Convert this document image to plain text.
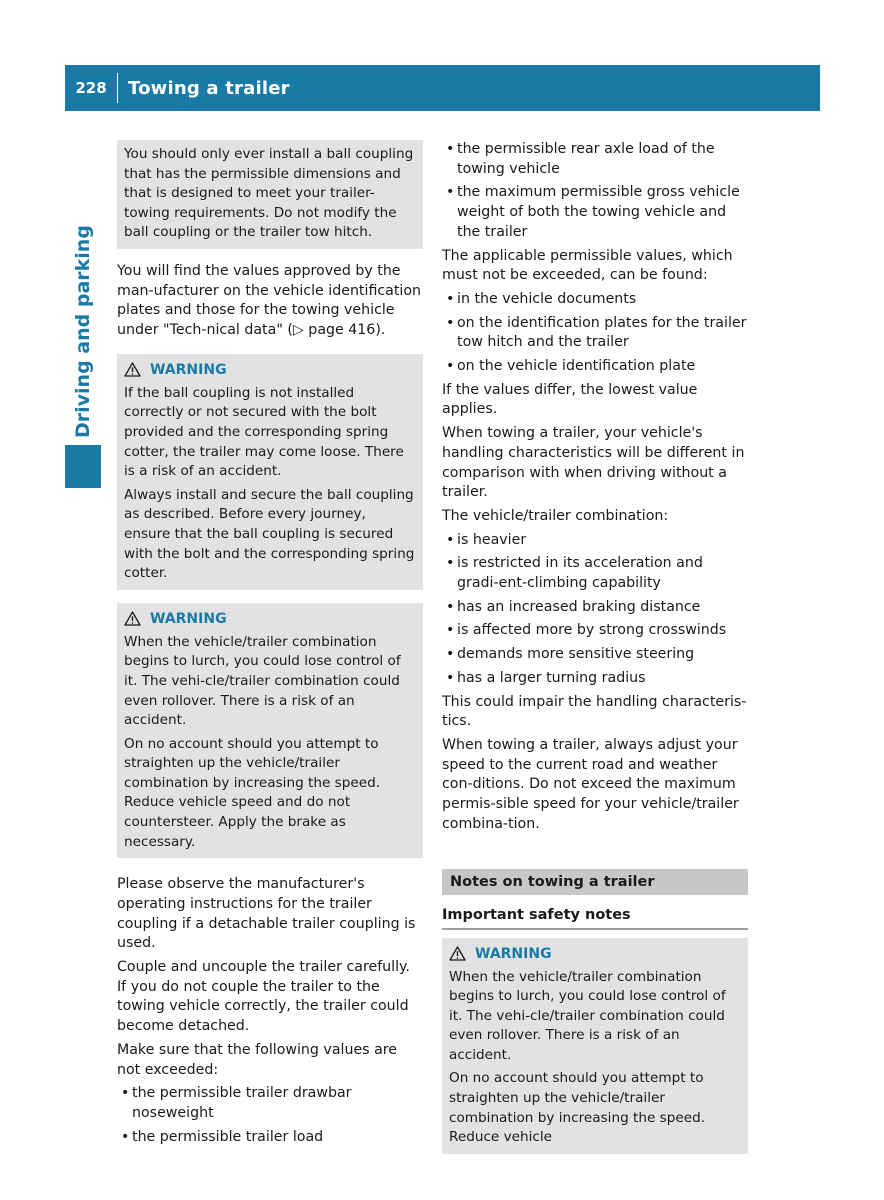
228	Towing a trailer
Driving and parking

You should only ever install a ball coupling that has the permissible dimensions and that is designed to meet your trailer-towing requirements. Do not modify the ball coupling or the trailer tow hitch.

You will find the values approved by the man-ufacturer on the vehicle identification plates and those for the towing vehicle under "Tech-nical data" (▷ page 416).

WARNING

If the ball coupling is not installed correctly or not secured with the bolt provided and the corresponding spring cotter, the trailer may come loose. There is a risk of an accident.

Always install and secure the ball coupling as described. Before every journey, ensure that the ball coupling is secured with the bolt and the corresponding spring cotter.

WARNING

When the vehicle/trailer combination begins to lurch, you could lose control of it. The vehi-cle/trailer combination could even rollover. There is a risk of an accident.

On no account should you attempt to straighten up the vehicle/trailer combination by increasing the speed. Reduce vehicle speed and do not countersteer. Apply the brake as necessary.

Please observe the manufacturer's operating instructions for the trailer coupling if a detachable trailer coupling is used.

Couple and uncouple the trailer carefully. If you do not couple the trailer to the towing vehicle correctly, the trailer could become detached.

Make sure that the following values are not exceeded:

• the permissible trailer drawbar noseweight
• the permissible trailer load
• the permissible rear axle load of the towing vehicle
• the maximum permissible gross vehicle weight of both the towing vehicle and the trailer

The applicable permissible values, which must not be exceeded, can be found:

• in the vehicle documents
• on the identification plates for the trailer tow hitch and the trailer
• on the vehicle identification plate

If the values differ, the lowest value applies.

When towing a trailer, your vehicle's handling characteristics will be different in comparison with when driving without a trailer.

The vehicle/trailer combination:

• is heavier
• is restricted in its acceleration and gradi-ent-climbing capability
• has an increased braking distance
• is affected more by strong crosswinds
• demands more sensitive steering
• has a larger turning radius

This could impair the handling characteris-tics.

When towing a trailer, always adjust your speed to the current road and weather con-ditions. Do not exceed the maximum permis-sible speed for your vehicle/trailer combina-tion.

Notes on towing a trailer
Important safety notes
WARNING

When the vehicle/trailer combination begins to lurch, you could lose control of it. The vehi-cle/trailer combination could even rollover. There is a risk of an accident.

On no account should you attempt to straighten up the vehicle/trailer combination by increasing the speed. Reduce vehicle
